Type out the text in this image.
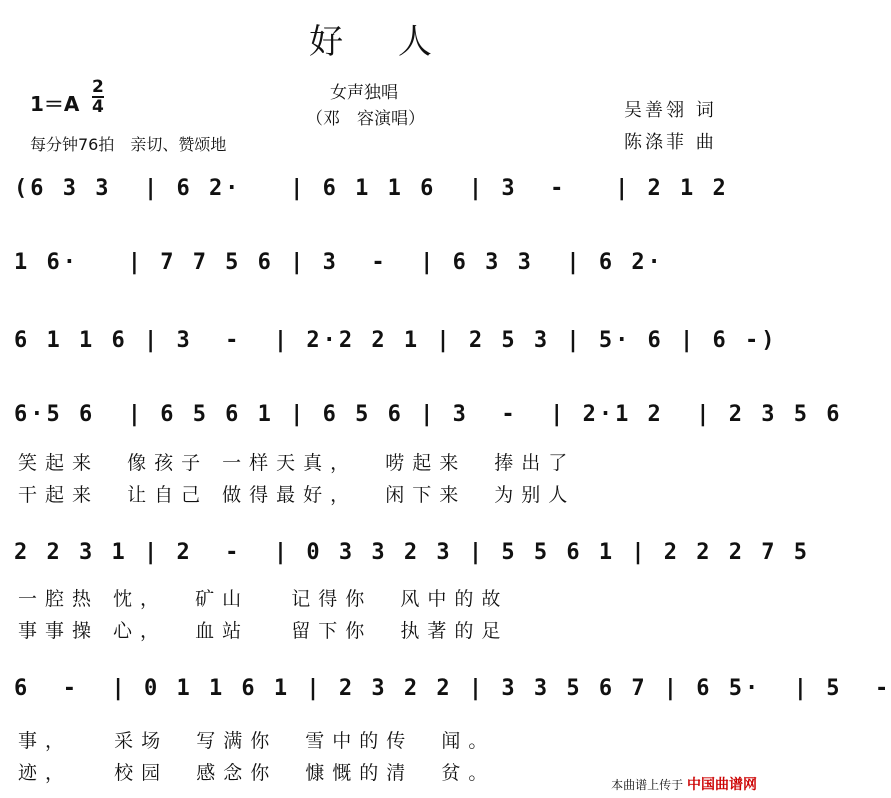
好 人
女声独唱
（邓　容演唱）
$1=A \frac{2}{4}$
每分钟76拍　亲切、赞颂地
吴善翎 词
陈涤菲 曲
(6 3 3  | 6 2·   | 6 1 1 6  | 3  -   | 2 1 2
1 6·   | 7 7 5 6 | 3  -  | 6 3 3  | 6 2·
6 1 1 6 | 3  -  | 2·2 2 1 | 2 5 3 | 5· 6 | 6 -)
6·5 6  | 6 5 6 1 | 6 5 6 | 3  -  | 2·1 2  | 2 3 5 6
笑起来  像孩子 一样天真，  唠起来  捧出了
干起来  让自己 做得最好，  闲下来  为别人
2 2 3 1 | 2  -  | 0 3 3 2 3 | 5 5 6 1 | 2 2 2 7 5
一腔热 忱，  矿山   记得你  风中的故
事事操 心，  血站   留下你  执著的足
6  -  | 0 1 1 6 1 | 2 3 2 2 | 3 3 5 6 7 | 6 5·  | 5  -
事，   采场  写满你  雪中的传  闻。
迹，   校园  感念你  慷慨的清  贫。
本曲谱上传于 中国曲谱网
